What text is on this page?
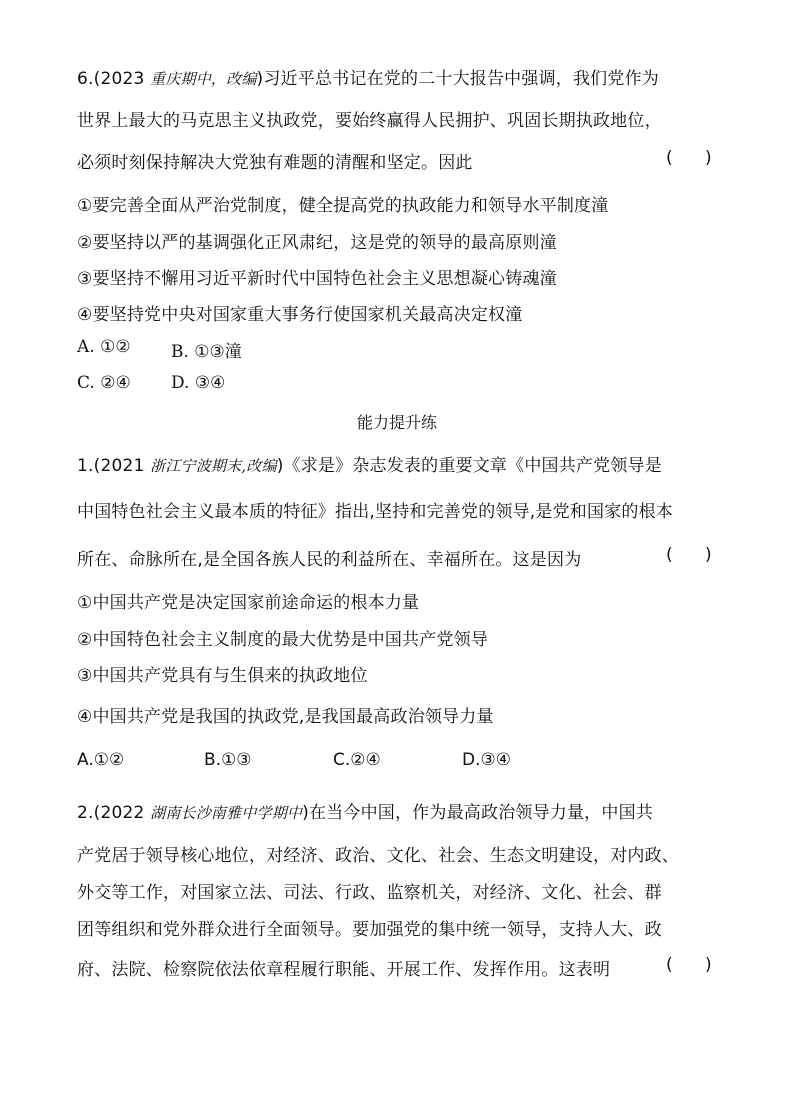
6.(2023 重庆期中，改编)习近平总书记在党的二十大报告中强调，我们党作为
世界上最大的马克思主义执政党，要始终赢得人民拥护、巩固长期执政地位，
必须时刻保持解决大党独有难题的清醒和坚定。因此	(      )
①要完善全面从严治党制度，健全提高党的执政能力和领导水平制度潼
②要坚持以严的基调强化正风肃纪，这是党的领导的最高原则潼
③要坚持不懈用习近平新时代中国特色社会主义思想凝心铸魂潼
④要坚持党中央对国家重大事务行使国家机关最高决定权潼
A. ①② B. ①③潼
C. ②④ D. ③④
能力提升练
1.(2021 浙江宁波期末,改编)《求是》杂志发表的重要文章《中国共产党领导是
中国特色社会主义最本质的特征》指出,坚持和完善党的领导,是党和国家的根本
所在、命脉所在,是全国各族人民的利益所在、幸福所在。这是因为	(      )
①中国共产党是决定国家前途命运的根本力量
②中国特色社会主义制度的最大优势是中国共产党领导
③中国共产党具有与生俱来的执政地位
④中国共产党是我国的执政党,是我国最高政治领导力量
A.①②	B.①③	C.②④	D.③④
2.(2022 湖南长沙南雅中学期中)在当今中国，作为最高政治领导力量，中国共
产党居于领导核心地位，对经济、政治、文化、社会、生态文明建设，对内政、
外交等工作，对国家立法、司法、行政、监察机关，对经济、文化、社会、群
团等组织和党外群众进行全面领导。要加强党的集中统一领导，支持人大、政
府、法院、检察院依法依章程履行职能、开展工作、发挥作用。这表明	(      )
